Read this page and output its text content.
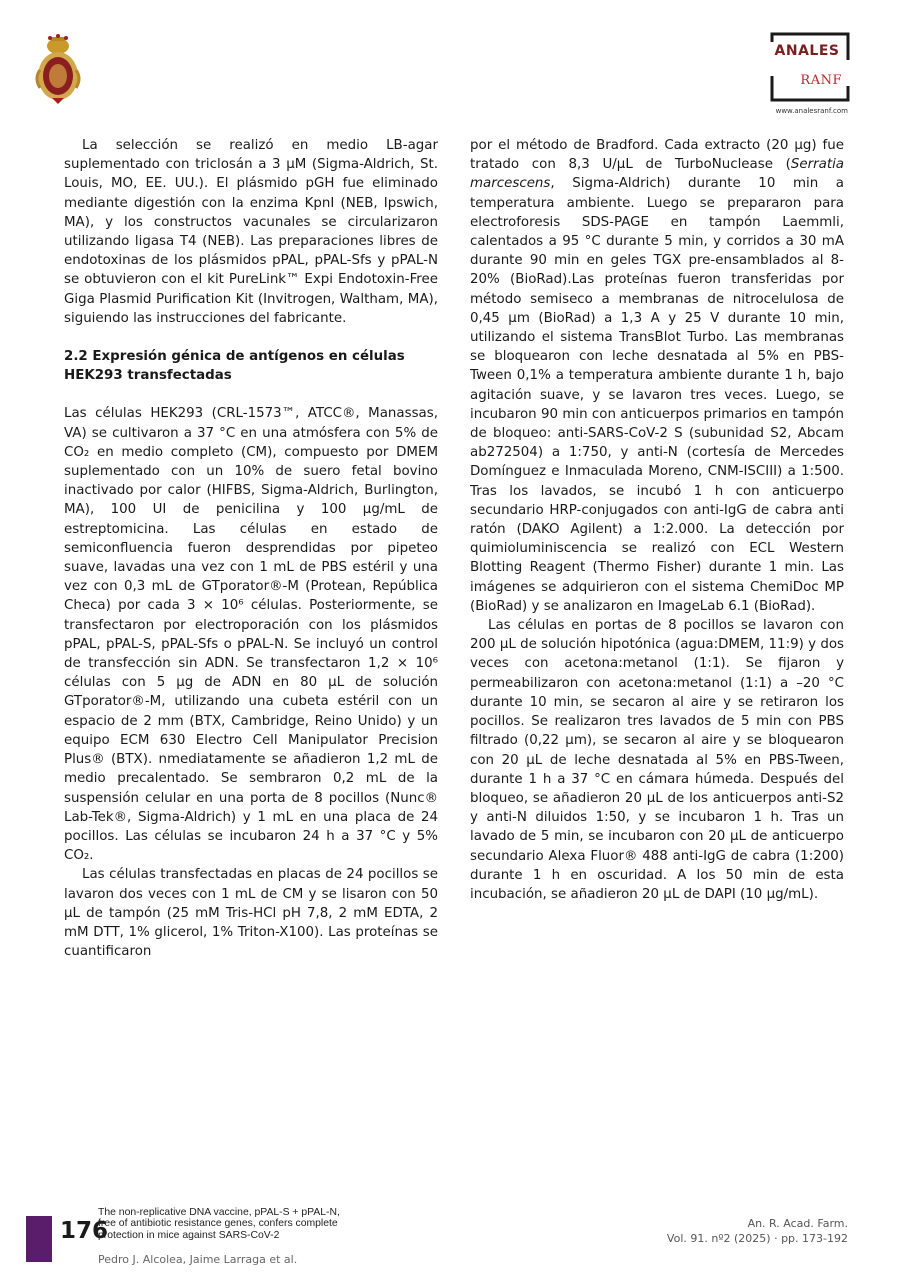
ANALES
RANF
www.analesranf.com

La selección se realizó en medio LB-agar suplementado con triclosán a 3 μM (Sigma-Aldrich, St. Louis, MO, EE. UU.). El plásmido pGH fue eliminado mediante digestión con la enzima KpnI (NEB, Ipswich, MA), y los constructos vacunales se circularizaron utilizando ligasa T4 (NEB). Las preparaciones libres de endotoxinas de los plásmidos pPAL, pPAL-Sfs y pPAL-N se obtuvieron con el kit PureLink™ Expi Endotoxin-Free Giga Plasmid Purification Kit (Invitrogen, Waltham, MA), siguiendo las instrucciones del fabricante.

2.2 Expresión génica de antígenos en células HEK293 transfectadas

Las células HEK293 (CRL-1573™, ATCC®, Manassas, VA) se cultivaron a 37 °C en una atmósfera con 5% de CO₂ en medio completo (CM), compuesto por DMEM suplementado con un 10% de suero fetal bovino inactivado por calor (HIFBS, Sigma-Aldrich, Burlington, MA), 100 UI de penicilina y 100 μg/mL de estreptomicina. Las células en estado de semiconfluencia fueron desprendidas por pipeteo suave, lavadas una vez con 1 mL de PBS estéril y una vez con 0,3 mL de GTporator®-M (Protean, República Checa) por cada 3 × 10⁶ células. Posteriormente, se transfectaron por electroporación con los plásmidos pPAL, pPAL-S, pPAL-Sfs o pPAL-N. Se incluyó un control de transfección sin ADN. Se transfectaron 1,2 × 10⁶ células con 5 μg de ADN en 80 μL de solución GTporator®-M, utilizando una cubeta estéril con un espacio de 2 mm (BTX, Cambridge, Reino Unido) y un equipo ECM 630 Electro Cell Manipulator Precision Plus® (BTX). nmediatamente se añadieron 1,2 mL de medio precalentado. Se sembraron 0,2 mL de la suspensión celular en una porta de 8 pocillos (Nunc® Lab-Tek®, Sigma-Aldrich) y 1 mL en una placa de 24 pocillos. Las células se incubaron 24 h a 37 °C y 5% CO₂.

Las células transfectadas en placas de 24 pocillos se lavaron dos veces con 1 mL de CM y se lisaron con 50 μL de tampón (25 mM Tris-HCl pH 7,8, 2 mM EDTA, 2 mM DTT, 1% glicerol, 1% Triton-X100). Las proteínas se cuantificaron

por el método de Bradford. Cada extracto (20 μg) fue tratado con 8,3 U/μL de TurboNuclease (Serratia marcescens, Sigma-Aldrich) durante 10 min a temperatura ambiente. Luego se prepararon para electroforesis SDS-PAGE en tampón Laemmli, calentados a 95 °C durante 5 min, y corridos a 30 mA durante 90 min en geles TGX pre-ensamblados al 8-20% (BioRad).Las proteínas fueron transferidas por método semiseco a membranas de nitrocelulosa de 0,45 μm (BioRad) a 1,3 A y 25 V durante 10 min, utilizando el sistema TransBlot Turbo. Las membranas se bloquearon con leche desnatada al 5% en PBS-Tween 0,1% a temperatura ambiente durante 1 h, bajo agitación suave, y se lavaron tres veces. Luego, se incubaron 90 min con anticuerpos primarios en tampón de bloqueo: anti-SARS-CoV-2 S (subunidad S2, Abcam ab272504) a 1:750, y anti-N (cortesía de Mercedes Domínguez e Inmaculada Moreno, CNM-ISCIII) a 1:500. Tras los lavados, se incubó 1 h con anticuerpo secundario HRP-conjugados con anti-IgG de cabra anti ratón (DAKO Agilent) a 1:2.000. La detección por quimioluminiscencia se realizó con ECL Western Blotting Reagent (Thermo Fisher) durante 1 min. Las imágenes se adquirieron con el sistema ChemiDoc MP (BioRad) y se analizaron en ImageLab 6.1 (BioRad).

Las células en portas de 8 pocillos se lavaron con 200 μL de solución hipotónica (agua:DMEM, 11:9) y dos veces con acetona:metanol (1:1). Se fijaron y permeabilizaron con acetona:metanol (1:1) a –20 °C durante 10 min, se secaron al aire y se retiraron los pocillos. Se realizaron tres lavados de 5 min con PBS filtrado (0,22 μm), se secaron al aire y se bloquearon con 20 μL de leche desnatada al 5% en PBS-Tween, durante 1 h a 37 °C en cámara húmeda. Después del bloqueo, se añadieron 20 μL de los anticuerpos anti-S2 y anti-N diluidos 1:50, y se incubaron 1 h. Tras un lavado de 5 min, se incubaron con 20 μL de anticuerpo secundario Alexa Fluor® 488 anti-IgG de cabra (1:200) durante 1 h en oscuridad. A los 50 min de esta incubación, se añadieron 20 μL de DAPI (10 μg/mL).

176
The non-replicative DNA vaccine, pPAL-S + pPAL-N,
free of antibiotic resistance genes, confers complete
protection in mice against SARS-CoV-2
Pedro J. Alcolea, Jaime Larraga et al.
An. R. Acad. Farm.
Vol. 91. nº2 (2025) · pp. 173-192
